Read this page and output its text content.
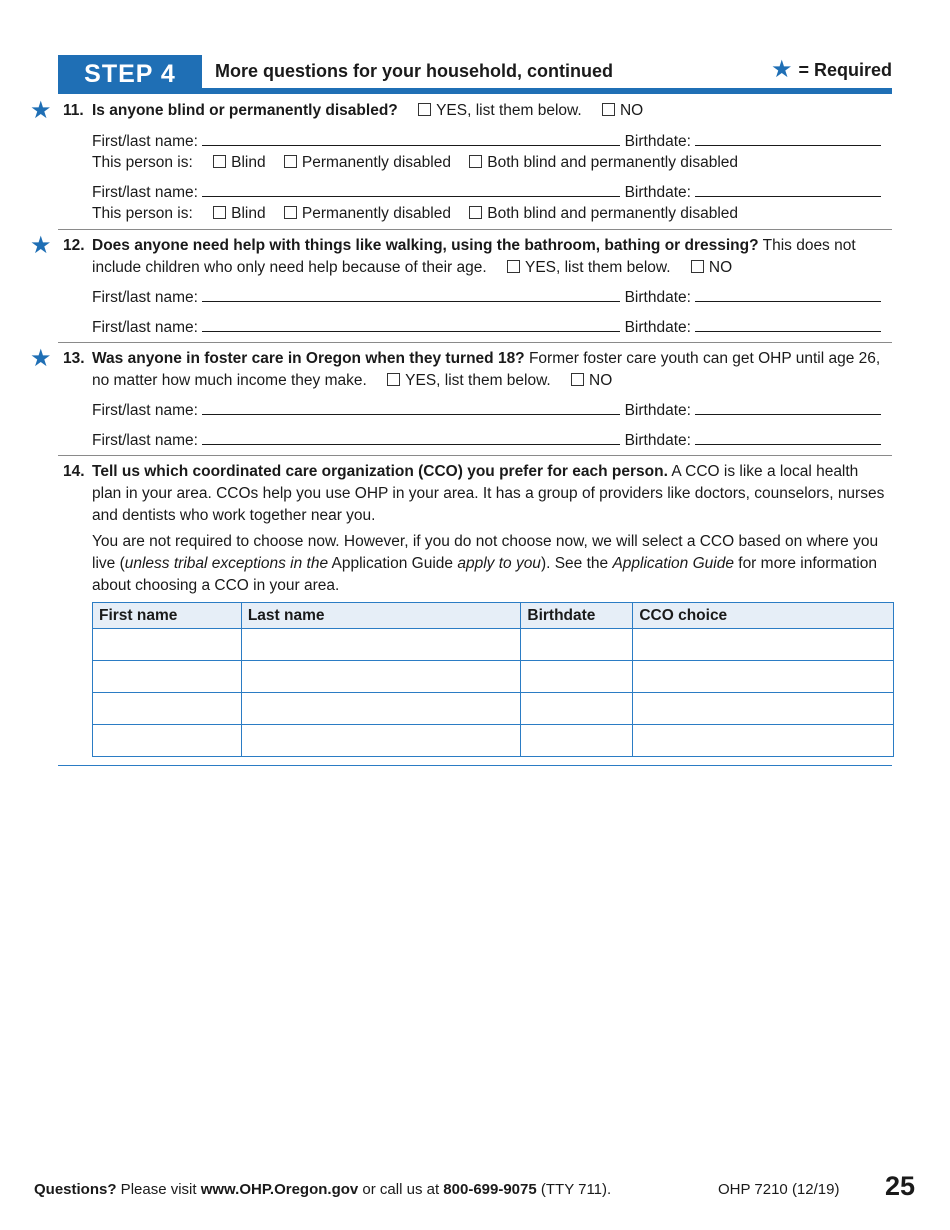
STEP 4	More questions for your household, continued	★ = Required
★ 11. Is anyone blind or permanently disabled? YES, list them below. NO
First/last name:	Birthdate:
This person is: Blind Permanently disabled Both blind and permanently disabled
First/last name:	Birthdate:
This person is: Blind Permanently disabled Both blind and permanently disabled
★ 12. Does anyone need help with things like walking, using the bathroom, bathing or dressing? This does not
include children who only need help because of their age. YES, list them below. NO
First/last name:	Birthdate:
First/last name:	Birthdate:
★ 13. Was anyone in foster care in Oregon when they turned 18? Former foster care youth can get OHP until age 26,
no matter how much income they make. YES, list them below. NO
First/last name:	Birthdate:
First/last name:	Birthdate:
14. Tell us which coordinated care organization (CCO) you prefer for each person. A CCO is like a local health
plan in your area. CCOs help you use OHP in your area. It has a group of providers like doctors, counselors, nurses
and dentists who work together near you.
You are not required to choose now. However, if you do not choose now, we will select a CCO based on where you
live (unless tribal exceptions in the Application Guide apply to you). See the Application Guide for more information
about choosing a CCO in your area.
First name	Last name	Birthdate	CCO choice

Questions? Please visit www.OHP.Oregon.gov or call us at 800-699-9075 (TTY 711).	OHP 7210 (12/19) 25
